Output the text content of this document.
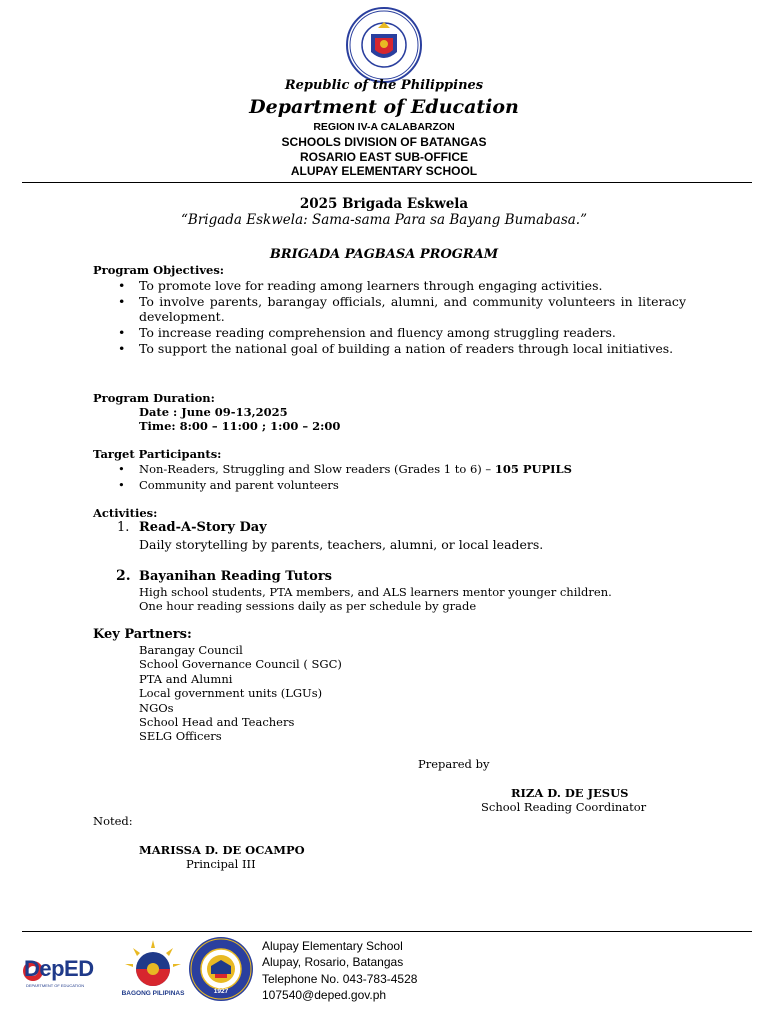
Republic of the Philippines
Department of Education
REGION IV-A CALABARZON
SCHOOLS DIVISION OF BATANGAS
ROSARIO EAST SUB-OFFICE
ALUPAY ELEMENTARY SCHOOL
2025 Brigada Eskwela
“Brigada Eskwela: Sama-sama Para sa Bayang Bumabasa.”
BRIGADA PAGBASA PROGRAM
Program Objectives:
• To promote love for reading among learners through engaging activities.
• To involve parents, barangay officials, alumni, and community volunteers in literacy development.
• To increase reading comprehension and fluency among struggling readers.
• To support the national goal of building a nation of readers through local initiatives.
Program Duration:
Date : June 09-13,2025
Time: 8:00 – 11:00 ; 1:00 – 2:00
Target Participants:
• Non-Readers, Struggling and Slow readers (Grades 1 to 6) – 105 PUPILS
• Community and parent volunteers
Activities:
1. Read-A-Story Day
Daily storytelling by parents, teachers, alumni, or local leaders.
2. Bayanihan Reading Tutors
High school students, PTA members, and ALS learners mentor younger children.
One hour reading sessions daily as per schedule by grade
Key Partners:
Barangay Council
School Governance Council ( SGC)
PTA and Alumni
Local government units (LGUs)
NGOs
School Head and Teachers
SELG Officers
Prepared by
RIZA D. DE JESUS
School Reading Coordinator
Noted:
MARISSA D. DE OCAMPO
Principal III
DepED
DEPARTMENT OF EDUCATION
BAGONG PILIPINAS	1927
Alupay Elementary School
Alupay, Rosario, Batangas
Telephone No. 043-783-4528
107540@deped.gov.ph
